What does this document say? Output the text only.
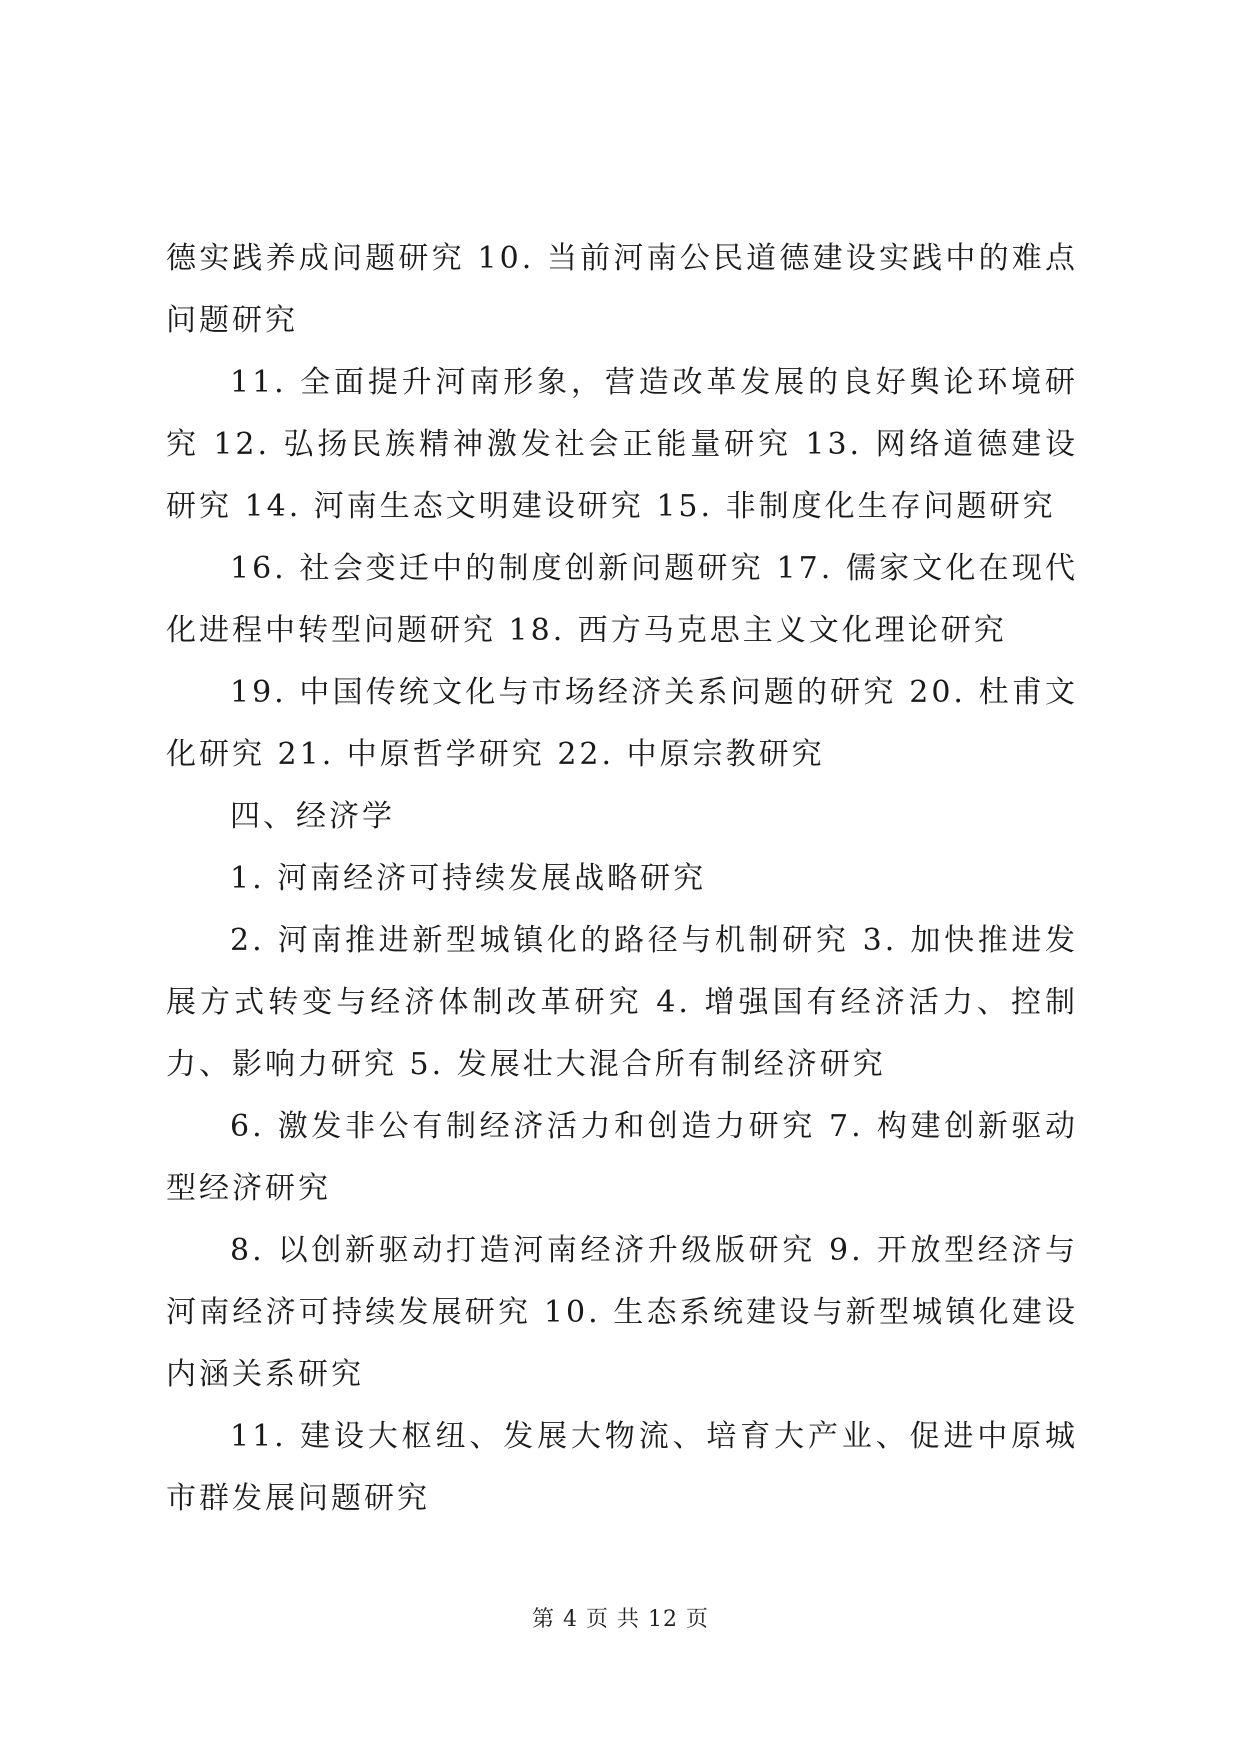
德实践养成问题研究 10. 当前河南公民道德建设实践中的难点问题研究

11. 全面提升河南形象，营造改革发展的良好舆论环境研究 12. 弘扬民族精神激发社会正能量研究 13. 网络道德建设研究 14. 河南生态文明建设研究 15. 非制度化生存问题研究

16. 社会变迁中的制度创新问题研究 17. 儒家文化在现代化进程中转型问题研究 18. 西方马克思主义文化理论研究

19. 中国传统文化与市场经济关系问题的研究 20. 杜甫文化研究 21. 中原哲学研究 22. 中原宗教研究

四、经济学

1. 河南经济可持续发展战略研究

2. 河南推进新型城镇化的路径与机制研究 3. 加快推进发展方式转变与经济体制改革研究 4. 增强国有经济活力、控制力、影响力研究 5. 发展壮大混合所有制经济研究

6. 激发非公有制经济活力和创造力研究 7. 构建创新驱动型经济研究

8. 以创新驱动打造河南经济升级版研究 9. 开放型经济与河南经济可持续发展研究 10. 生态系统建设与新型城镇化建设内涵关系研究

11. 建设大枢纽、发展大物流、培育大产业、促进中原城市群发展问题研究

第 4 页 共 12 页
